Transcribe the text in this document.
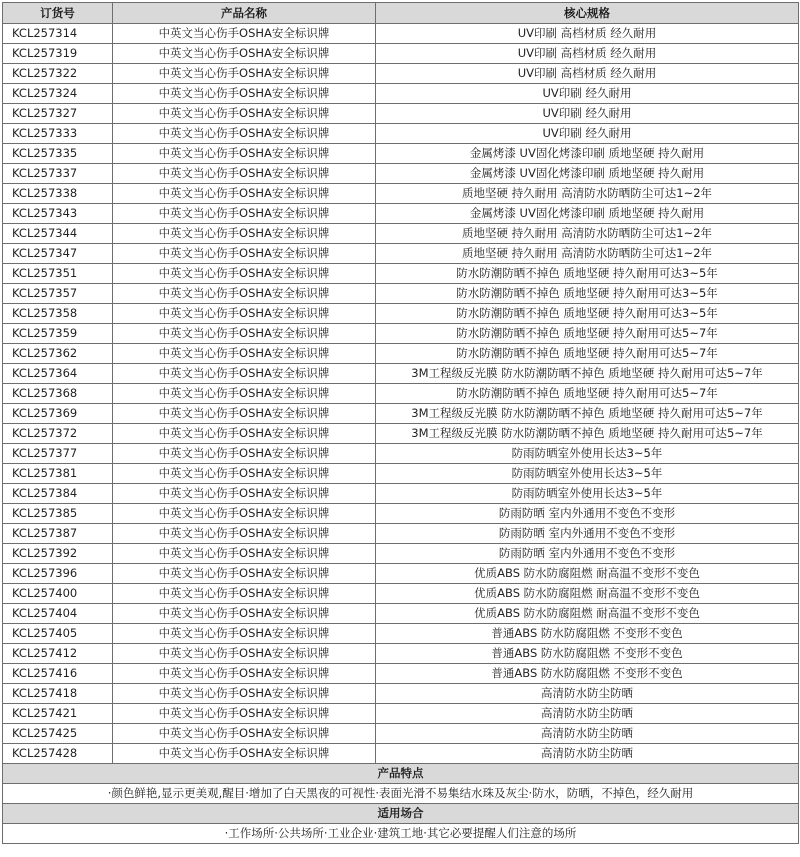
订货号	产品名称	核心规格
KCL257314	中英文当心伤手OSHA安全标识牌	UV印刷 高档材质 经久耐用
KCL257319	中英文当心伤手OSHA安全标识牌	UV印刷 高档材质 经久耐用
KCL257322	中英文当心伤手OSHA安全标识牌	UV印刷 高档材质 经久耐用
KCL257324	中英文当心伤手OSHA安全标识牌	UV印刷 经久耐用
KCL257327	中英文当心伤手OSHA安全标识牌	UV印刷 经久耐用
KCL257333	中英文当心伤手OSHA安全标识牌	UV印刷 经久耐用
KCL257335	中英文当心伤手OSHA安全标识牌	金属烤漆 UV固化烤漆印刷 质地坚硬 持久耐用
KCL257337	中英文当心伤手OSHA安全标识牌	金属烤漆 UV固化烤漆印刷 质地坚硬 持久耐用
KCL257338	中英文当心伤手OSHA安全标识牌	质地坚硬 持久耐用 高清防水防晒防尘可达1~2年
KCL257343	中英文当心伤手OSHA安全标识牌	金属烤漆 UV固化烤漆印刷 质地坚硬 持久耐用
KCL257344	中英文当心伤手OSHA安全标识牌	质地坚硬 持久耐用 高清防水防晒防尘可达1~2年
KCL257347	中英文当心伤手OSHA安全标识牌	质地坚硬 持久耐用 高清防水防晒防尘可达1~2年
KCL257351	中英文当心伤手OSHA安全标识牌	防水防潮防晒不掉色 质地坚硬 持久耐用可达3~5年
KCL257357	中英文当心伤手OSHA安全标识牌	防水防潮防晒不掉色 质地坚硬 持久耐用可达3~5年
KCL257358	中英文当心伤手OSHA安全标识牌	防水防潮防晒不掉色 质地坚硬 持久耐用可达3~5年
KCL257359	中英文当心伤手OSHA安全标识牌	防水防潮防晒不掉色 质地坚硬 持久耐用可达5~7年
KCL257362	中英文当心伤手OSHA安全标识牌	防水防潮防晒不掉色 质地坚硬 持久耐用可达5~7年
KCL257364	中英文当心伤手OSHA安全标识牌	3M工程级反光膜 防水防潮防晒不掉色 质地坚硬 持久耐用可达5~7年
KCL257368	中英文当心伤手OSHA安全标识牌	防水防潮防晒不掉色 质地坚硬 持久耐用可达5~7年
KCL257369	中英文当心伤手OSHA安全标识牌	3M工程级反光膜 防水防潮防晒不掉色 质地坚硬 持久耐用可达5~7年
KCL257372	中英文当心伤手OSHA安全标识牌	3M工程级反光膜 防水防潮防晒不掉色 质地坚硬 持久耐用可达5~7年
KCL257377	中英文当心伤手OSHA安全标识牌	防雨防晒室外使用长达3~5年
KCL257381	中英文当心伤手OSHA安全标识牌	防雨防晒室外使用长达3~5年
KCL257384	中英文当心伤手OSHA安全标识牌	防雨防晒室外使用长达3~5年
KCL257385	中英文当心伤手OSHA安全标识牌	防雨防晒 室内外通用不变色不变形
KCL257387	中英文当心伤手OSHA安全标识牌	防雨防晒 室内外通用不变色不变形
KCL257392	中英文当心伤手OSHA安全标识牌	防雨防晒 室内外通用不变色不变形
KCL257396	中英文当心伤手OSHA安全标识牌	优质ABS 防水防腐阻燃 耐高温不变形不变色
KCL257400	中英文当心伤手OSHA安全标识牌	优质ABS 防水防腐阻燃 耐高温不变形不变色
KCL257404	中英文当心伤手OSHA安全标识牌	优质ABS 防水防腐阻燃 耐高温不变形不变色
KCL257405	中英文当心伤手OSHA安全标识牌	普通ABS 防水防腐阻燃 不变形不变色
KCL257412	中英文当心伤手OSHA安全标识牌	普通ABS 防水防腐阻燃 不变形不变色
KCL257416	中英文当心伤手OSHA安全标识牌	普通ABS 防水防腐阻燃 不变形不变色
KCL257418	中英文当心伤手OSHA安全标识牌	高清防水防尘防晒
KCL257421	中英文当心伤手OSHA安全标识牌	高清防水防尘防晒
KCL257425	中英文当心伤手OSHA安全标识牌	高清防水防尘防晒
KCL257428	中英文当心伤手OSHA安全标识牌	高清防水防尘防晒
产品特点		
·颜色鲜艳,显示更美观,醒目·增加了白天黑夜的可视性·表面光滑不易集结水珠及灰尘·防水，防晒，不掉色，经久耐用		
适用场合		
·工作场所·公共场所·工业企业·建筑工地·其它必要提醒人们注意的场所		
